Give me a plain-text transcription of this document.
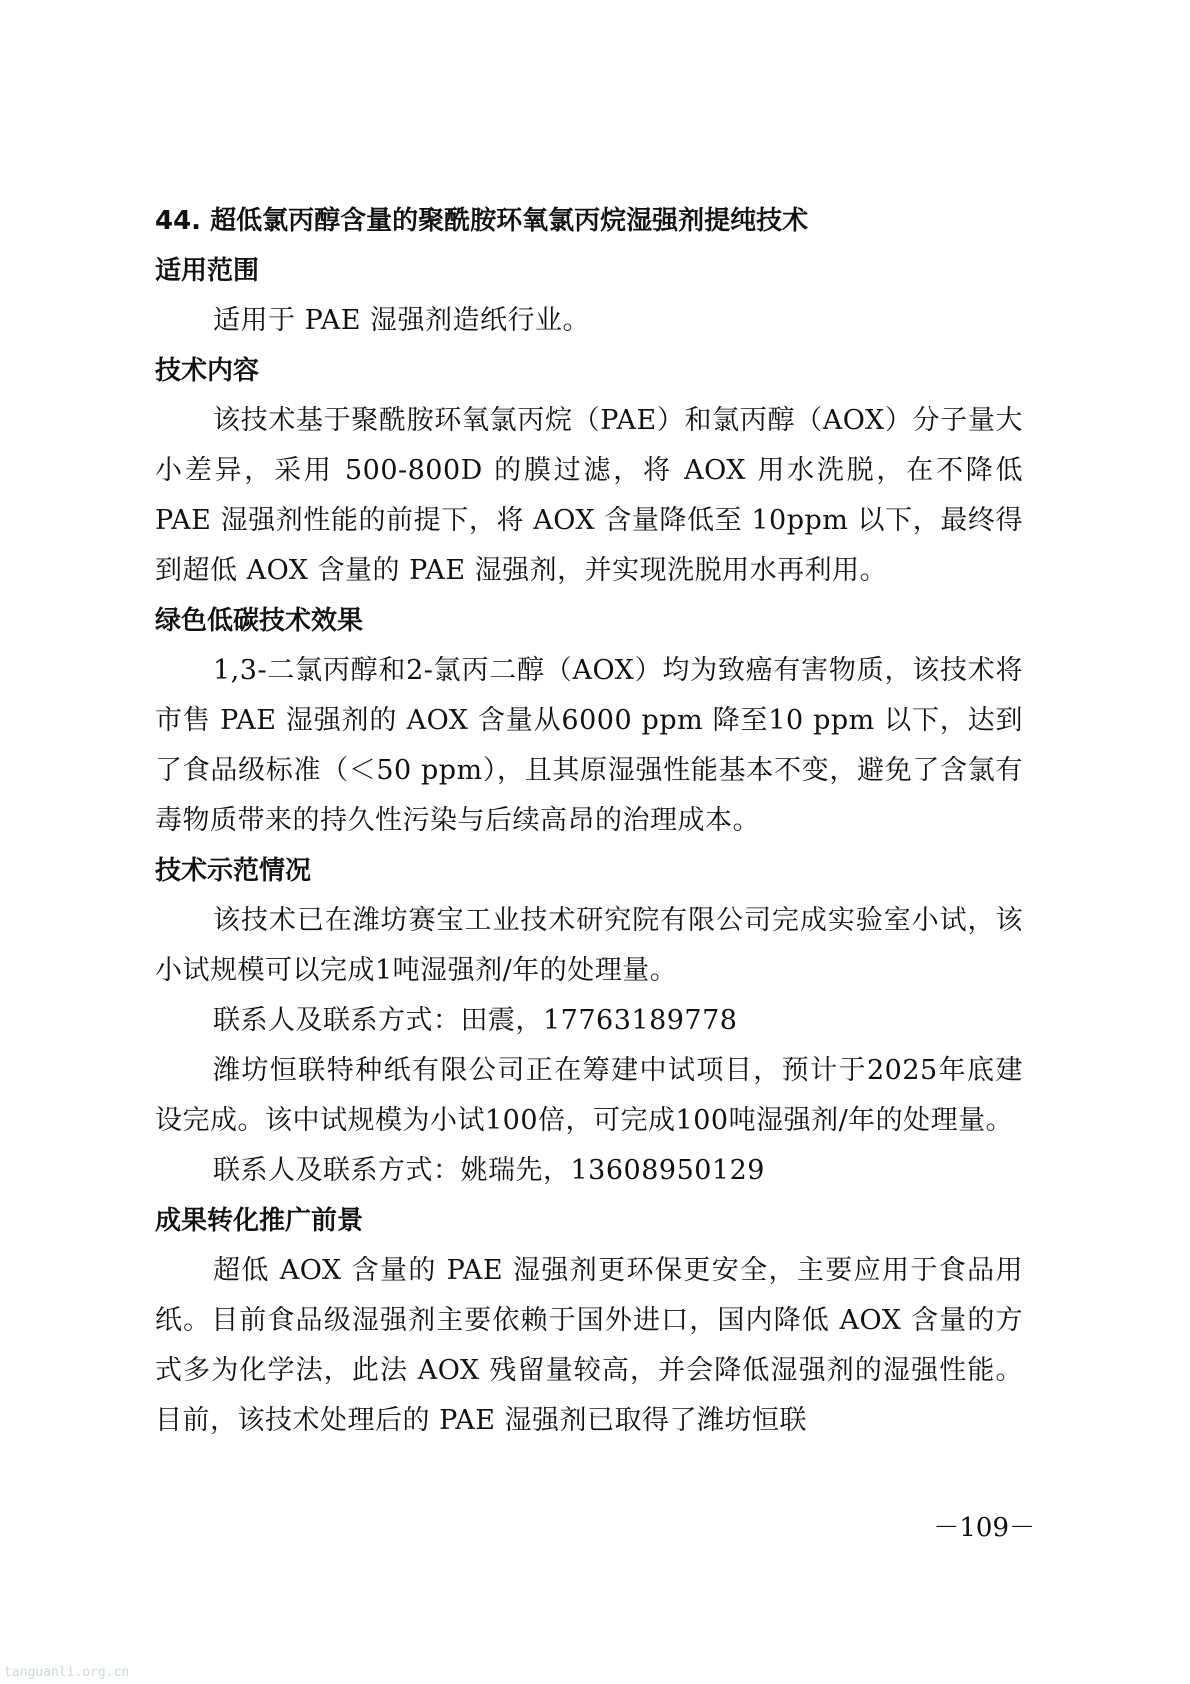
44. 超低氯丙醇含量的聚酰胺环氧氯丙烷湿强剂提纯技术
适用范围

适用于 PAE 湿强剂造纸行业。

技术内容

该技术基于聚酰胺环氧氯丙烷（PAE）和氯丙醇（AOX）分子量大小差异，采用 500-800D 的膜过滤，将 AOX 用水洗脱，在不降低 PAE 湿强剂性能的前提下，将 AOX 含量降低至 10ppm 以下，最终得到超低 AOX 含量的 PAE 湿强剂，并实现洗脱用水再利用。

绿色低碳技术效果

1,3-二氯丙醇和2-氯丙二醇（AOX）均为致癌有害物质，该技术将市售 PAE 湿强剂的 AOX 含量从6000 ppm 降至10 ppm 以下，达到了食品级标准（＜50 ppm），且其原湿强性能基本不变，避免了含氯有毒物质带来的持久性污染与后续高昂的治理成本。

技术示范情况

该技术已在潍坊赛宝工业技术研究院有限公司完成实验室小试，该小试规模可以完成1吨湿强剂/年的处理量。

联系人及联系方式：田震，17763189778

潍坊恒联特种纸有限公司正在筹建中试项目，预计于2025年底建设完成。该中试规模为小试100倍，可完成100吨湿强剂/年的处理量。

联系人及联系方式：姚瑞先，13608950129

成果转化推广前景

超低 AOX 含量的 PAE 湿强剂更环保更安全，主要应用于食品用纸。目前食品级湿强剂主要依赖于国外进口，国内降低 AOX 含量的方式多为化学法，此法 AOX 残留量较高，并会降低湿强剂的湿强性能。目前，该技术处理后的 PAE 湿强剂已取得了潍坊恒联

－109－
tanguanli.org.cn
